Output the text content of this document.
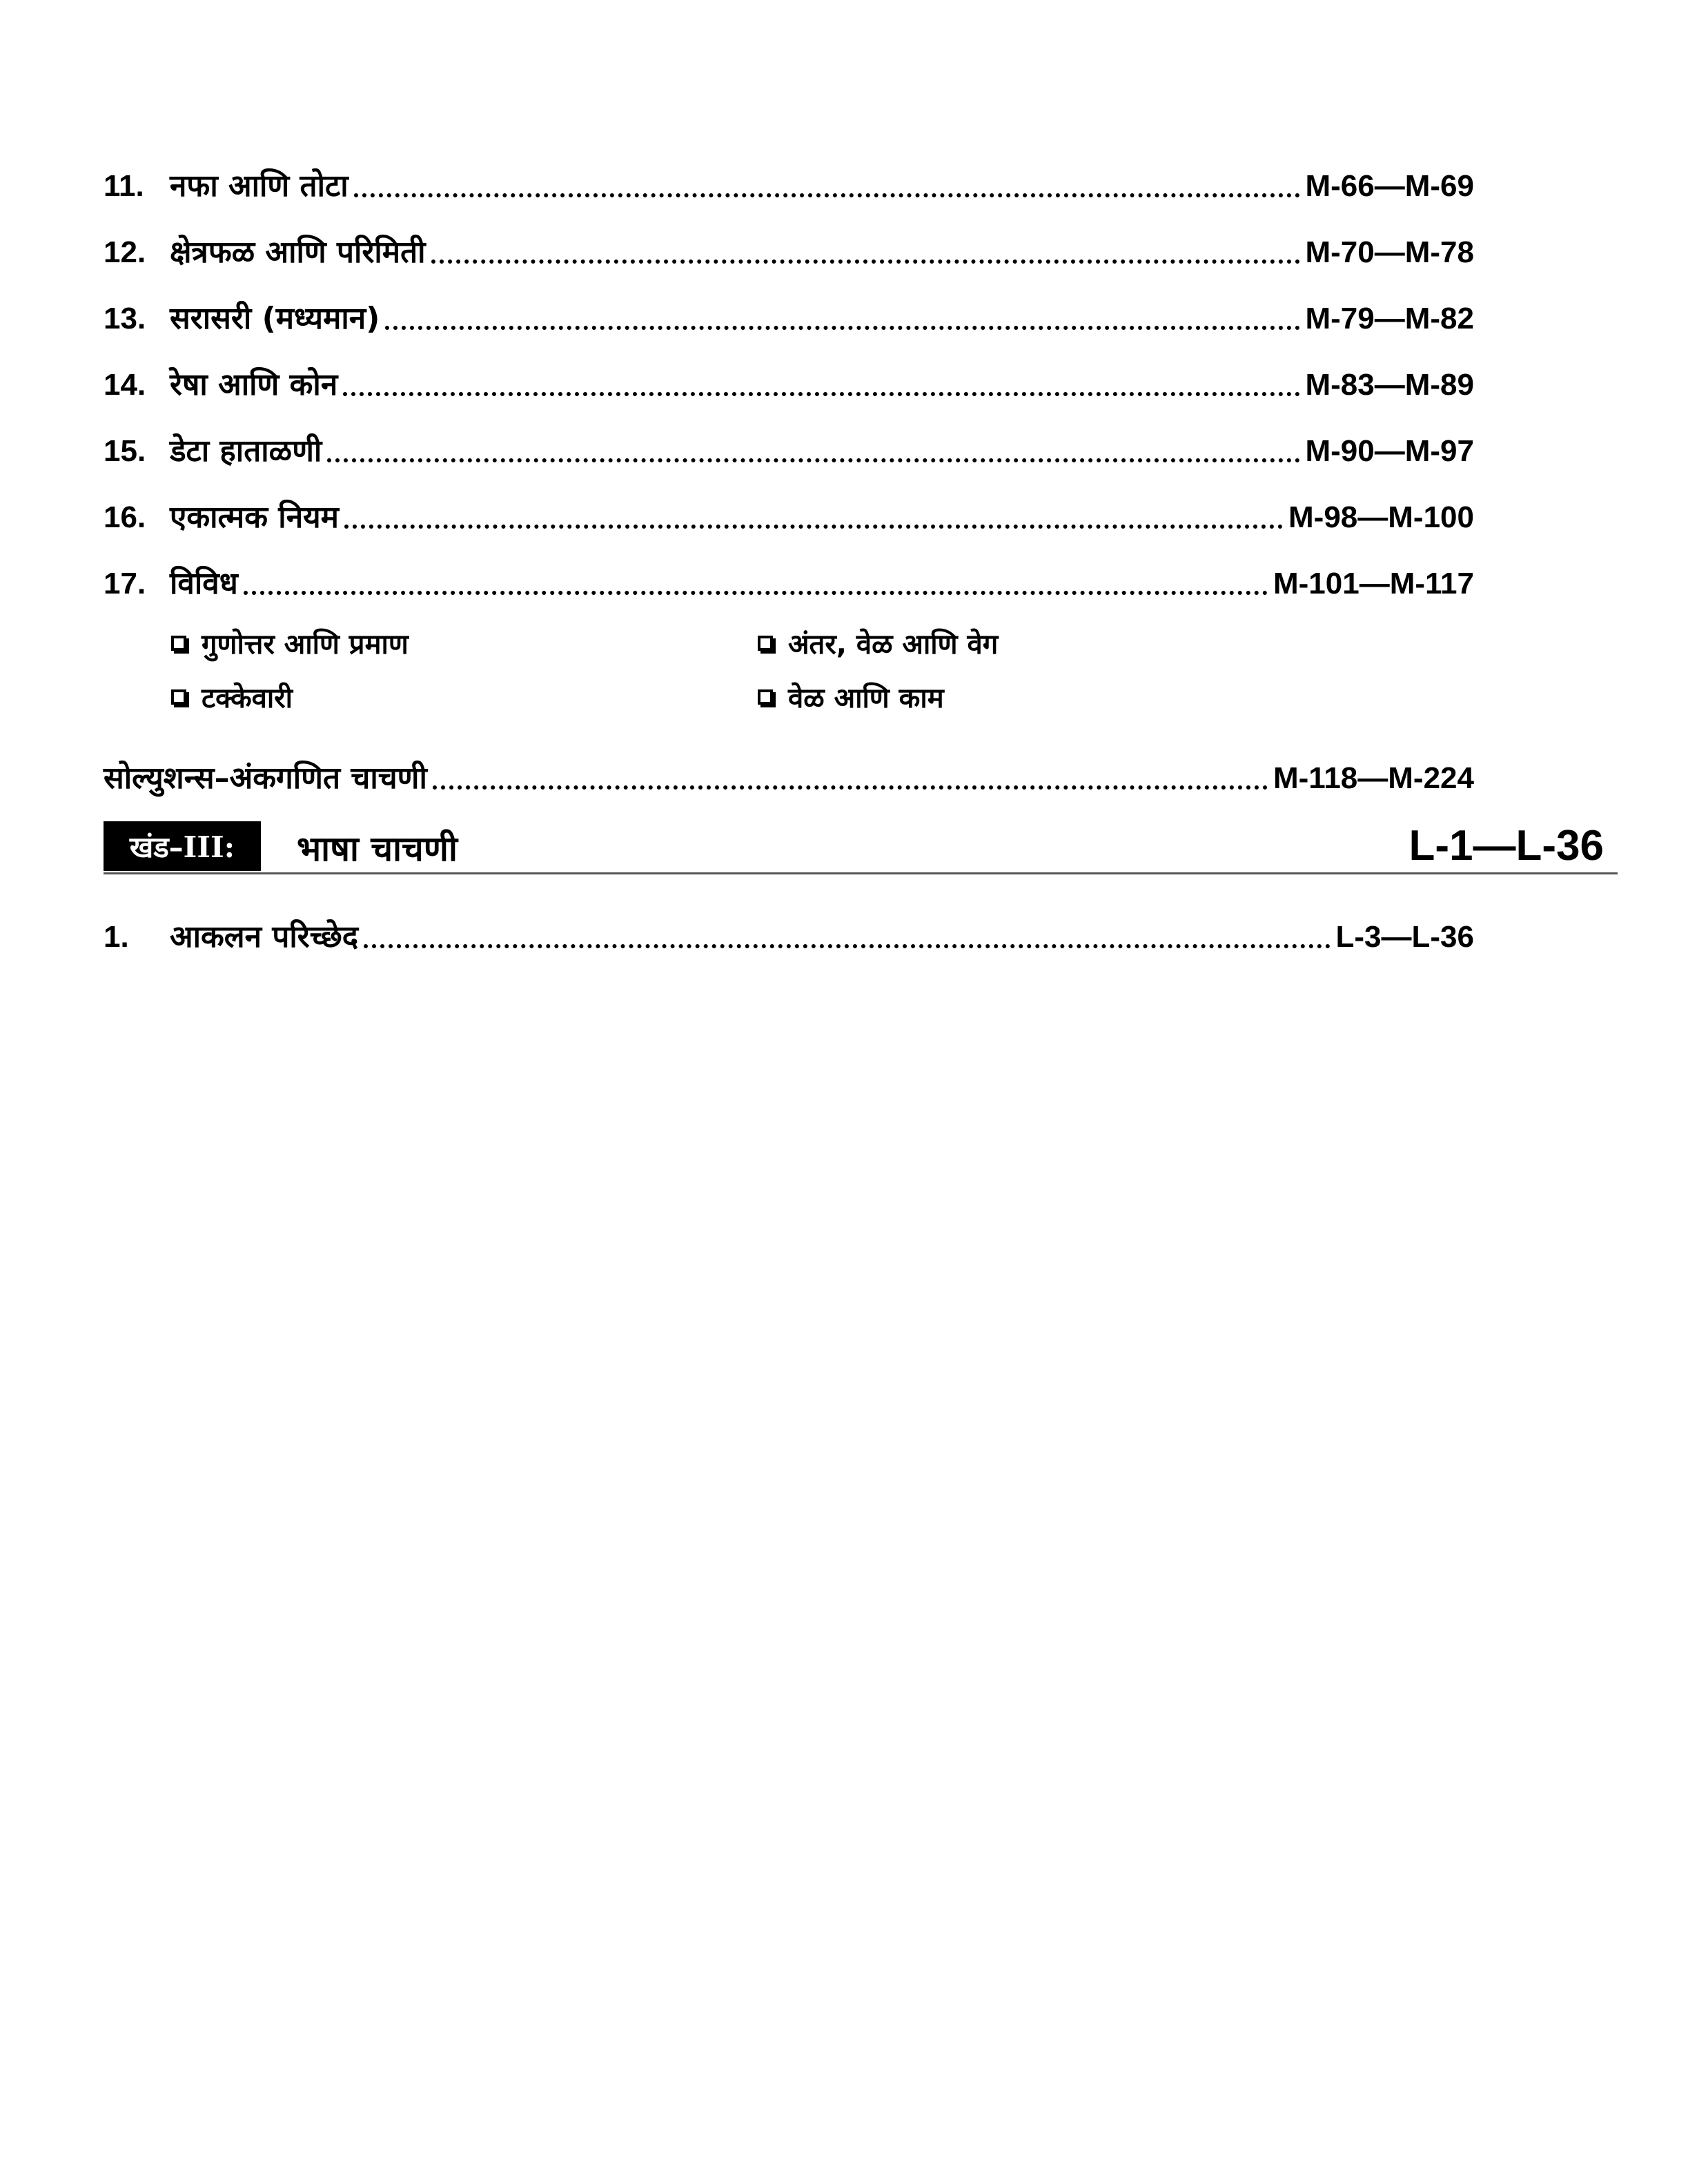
11. नफा आणि तोटा	M-66—M-69
12. क्षेत्रफळ आणि परिमिती	M-70—M-78
13. सरासरी (मध्यमान)	M-79—M-82
14. रेषा आणि कोन	M-83—M-89
15. डेटा हाताळणी	M-90—M-97
16. एकात्मक नियम	M-98—M-100
17. विविध	M-101—M-117
गुणोत्तर आणि प्रमाण	अंतर, वेळ आणि वेग
टक्केवारी	वेळ आणि काम
सोल्युशन्स–अंकगणित चाचणी	M-118—M-224
खंड–III:	भाषा चाचणी	L-1—L-36
1.	आकलन परिच्छेद	L-3—L-36
